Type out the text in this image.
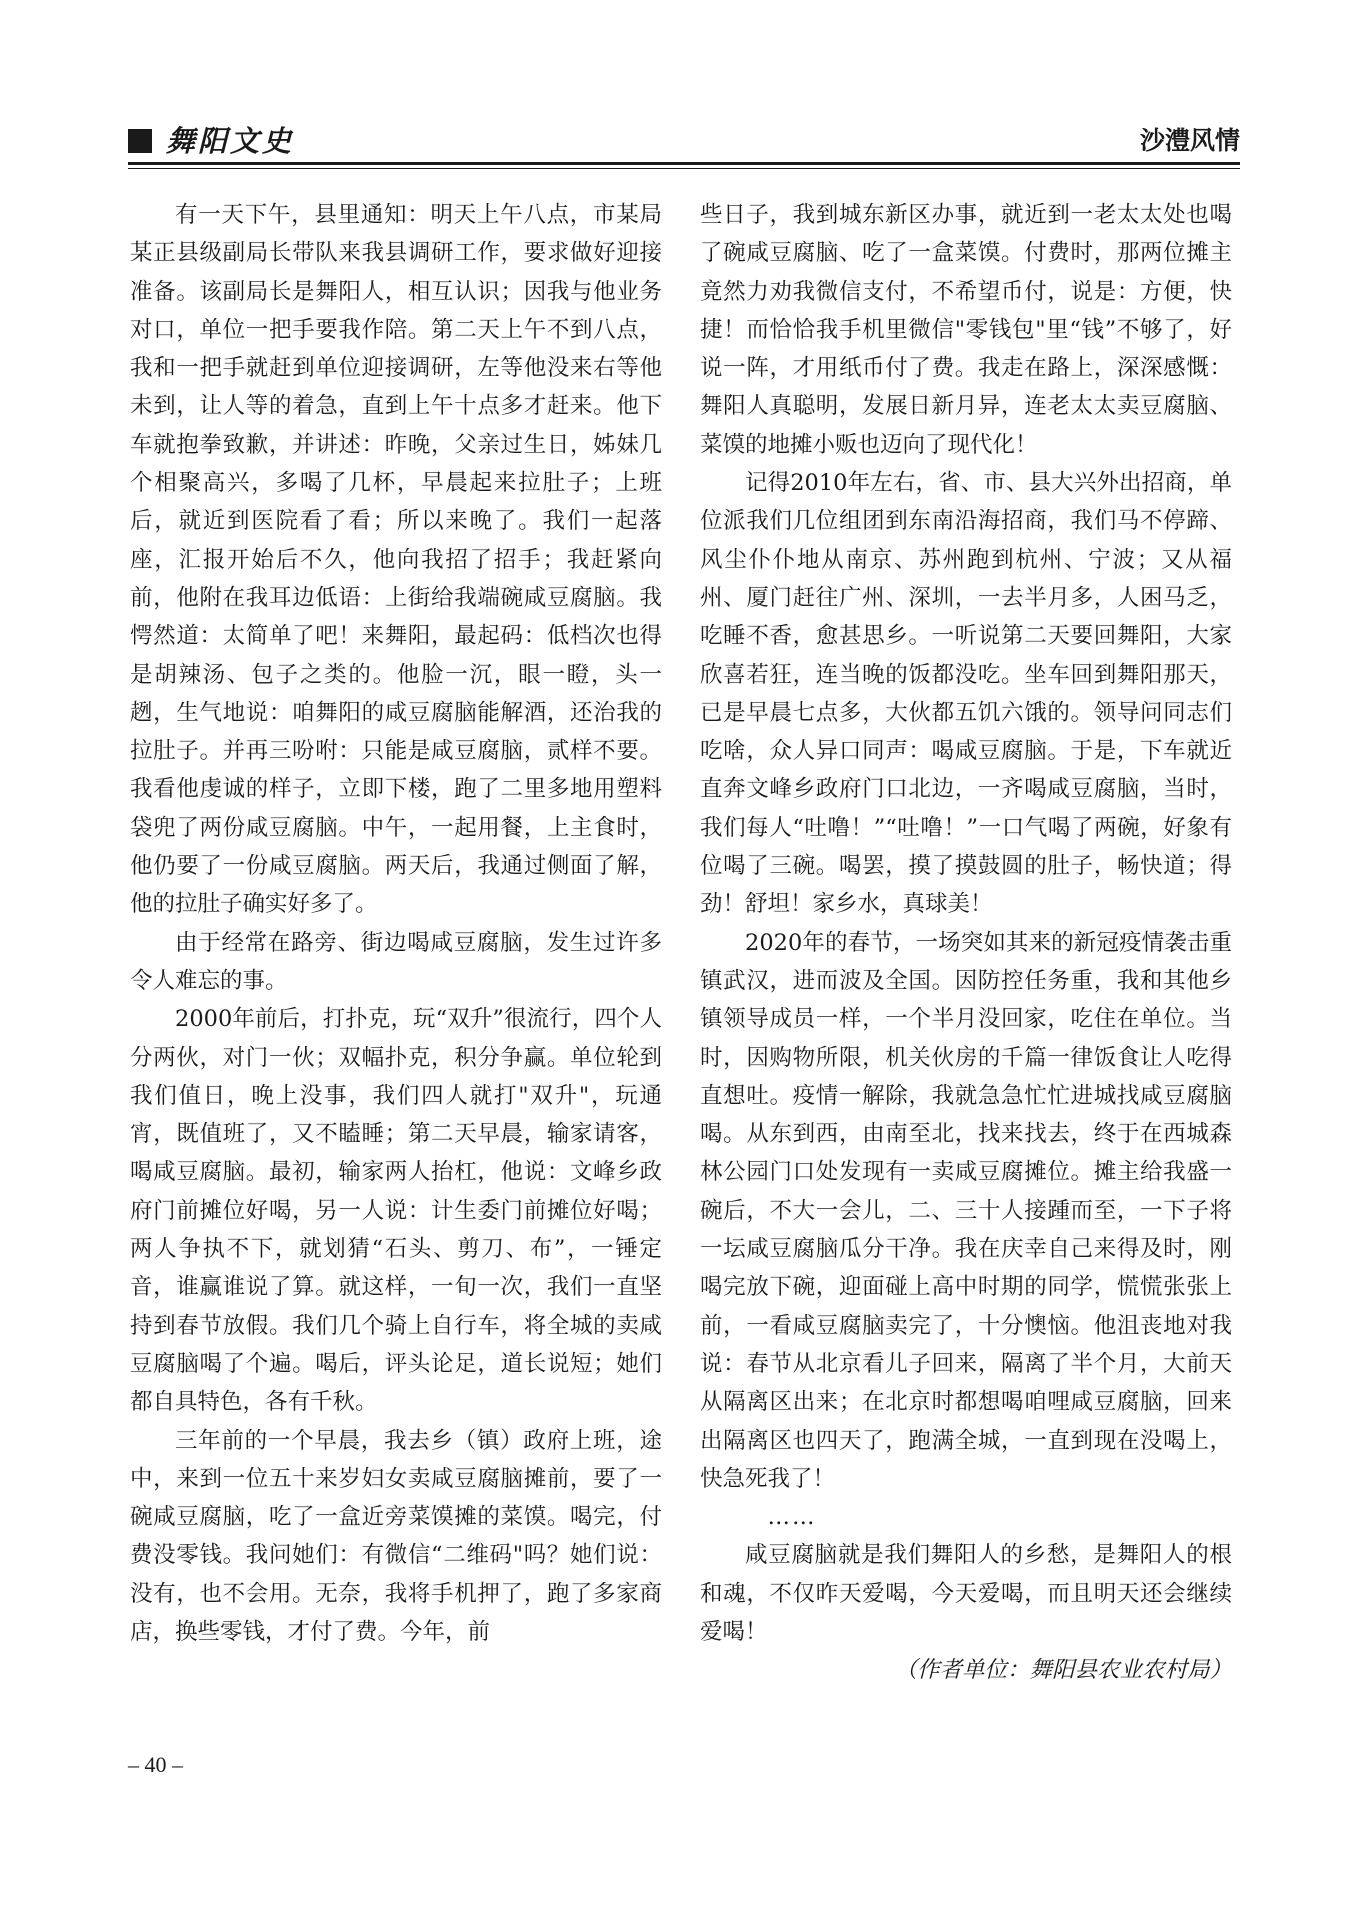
舞阳文史	沙澧风情

有一天下午，县里通知：明天上午八点，市某局某正县级副局长带队来我县调研工作，要求做好迎接准备。该副局长是舞阳人，相互认识；因我与他业务对口，单位一把手要我作陪。第二天上午不到八点，我和一把手就赶到单位迎接调研，左等他没来右等他未到，让人等的着急，直到上午十点多才赶来。他下车就抱拳致歉，并讲述：昨晚，父亲过生日，姊妹几个相聚高兴，多喝了几杯，早晨起来拉肚子；上班后，就近到医院看了看；所以来晚了。我们一起落座，汇报开始后不久，他向我招了招手；我赶紧向前，他附在我耳边低语：上街给我端碗咸豆腐脑。我愕然道：太简单了吧！来舞阳，最起码：低档次也得是胡辣汤、包子之类的。他脸一沉，眼一瞪，头一趔，生气地说：咱舞阳的咸豆腐脑能解酒，还治我的拉肚子。并再三吩咐：只能是咸豆腐脑，贰样不要。我看他虔诚的样子，立即下楼，跑了二里多地用塑料袋兜了两份咸豆腐脑。中午，一起用餐，上主食时，他仍要了一份咸豆腐脑。两天后，我通过侧面了解，他的拉肚子确实好多了。

由于经常在路旁、街边喝咸豆腐脑，发生过许多令人难忘的事。

2000年前后，打扑克，玩“双升”很流行，四个人分两伙，对门一伙；双幅扑克，积分争赢。单位轮到我们值日，晚上没事，我们四人就打"双升"，玩通宵，既值班了，又不瞌睡；第二天早晨，输家请客，喝咸豆腐脑。最初，输家两人抬杠，他说：文峰乡政府门前摊位好喝，另一人说：计生委门前摊位好喝；两人争执不下，就划猜“石头、剪刀、布”，一锤定音，谁赢谁说了算。就这样，一旬一次，我们一直坚持到春节放假。我们几个骑上自行车，将全城的卖咸豆腐脑喝了个遍。喝后，评头论足，道长说短；她们都自具特色，各有千秋。

三年前的一个早晨，我去乡（镇）政府上班，途中，来到一位五十来岁妇女卖咸豆腐脑摊前，要了一碗咸豆腐脑，吃了一盒近旁菜馍摊的菜馍。喝完，付费没零钱。我问她们：有微信“二维码"吗？她们说：没有，也不会用。无奈，我将手机押了，跑了多家商店，换些零钱，才付了费。今年，前

些日子，我到城东新区办事，就近到一老太太处也喝了碗咸豆腐脑、吃了一盒菜馍。付费时，那两位摊主竟然力劝我微信支付，不希望币付，说是：方便，快捷！而恰恰我手机里微信"零钱包"里“钱”不够了，好说一阵，才用纸币付了费。我走在路上，深深感慨：舞阳人真聪明，发展日新月异，连老太太卖豆腐脑、菜馍的地摊小贩也迈向了现代化！

记得2010年左右，省、市、县大兴外出招商，单位派我们几位组团到东南沿海招商，我们马不停蹄、风尘仆仆地从南京、苏州跑到杭州、宁波；又从福州、厦门赶往广州、深圳，一去半月多，人困马乏，吃睡不香，愈甚思乡。一听说第二天要回舞阳，大家欣喜若狂，连当晚的饭都没吃。坐车回到舞阳那天，已是早晨七点多，大伙都五饥六饿的。领导问同志们吃啥，众人异口同声：喝咸豆腐脑。于是，下车就近直奔文峰乡政府门口北边，一齐喝咸豆腐脑，当时，我们每人“吐噜！”“吐噜！”一口气喝了两碗，好象有位喝了三碗。喝罢，摸了摸鼓圆的肚子，畅快道；得劲！舒坦！家乡水，真球美！

2020年的春节，一场突如其来的新冠疫情袭击重镇武汉，进而波及全国。因防控任务重，我和其他乡镇领导成员一样，一个半月没回家，吃住在单位。当时，因购物所限，机关伙房的千篇一律饭食让人吃得直想吐。疫情一解除，我就急急忙忙进城找咸豆腐脑喝。从东到西，由南至北，找来找去，终于在西城森林公园门口处发现有一卖咸豆腐摊位。摊主给我盛一碗后，不大一会儿，二、三十人接踵而至，一下子将一坛咸豆腐脑瓜分干净。我在庆幸自己来得及时，刚喝完放下碗，迎面碰上高中时期的同学，慌慌张张上前，一看咸豆腐脑卖完了，十分懊恼。他沮丧地对我说：春节从北京看儿子回来，隔离了半个月，大前天从隔离区出来；在北京时都想喝咱哩咸豆腐脑，回来出隔离区也四天了，跑满全城，一直到现在没喝上，快急死我了！

……

咸豆腐脑就是我们舞阳人的乡愁，是舞阳人的根和魂，不仅昨天爱喝，今天爱喝，而且明天还会继续爱喝！

（作者单位：舞阳县农业农村局）

– 40 –
